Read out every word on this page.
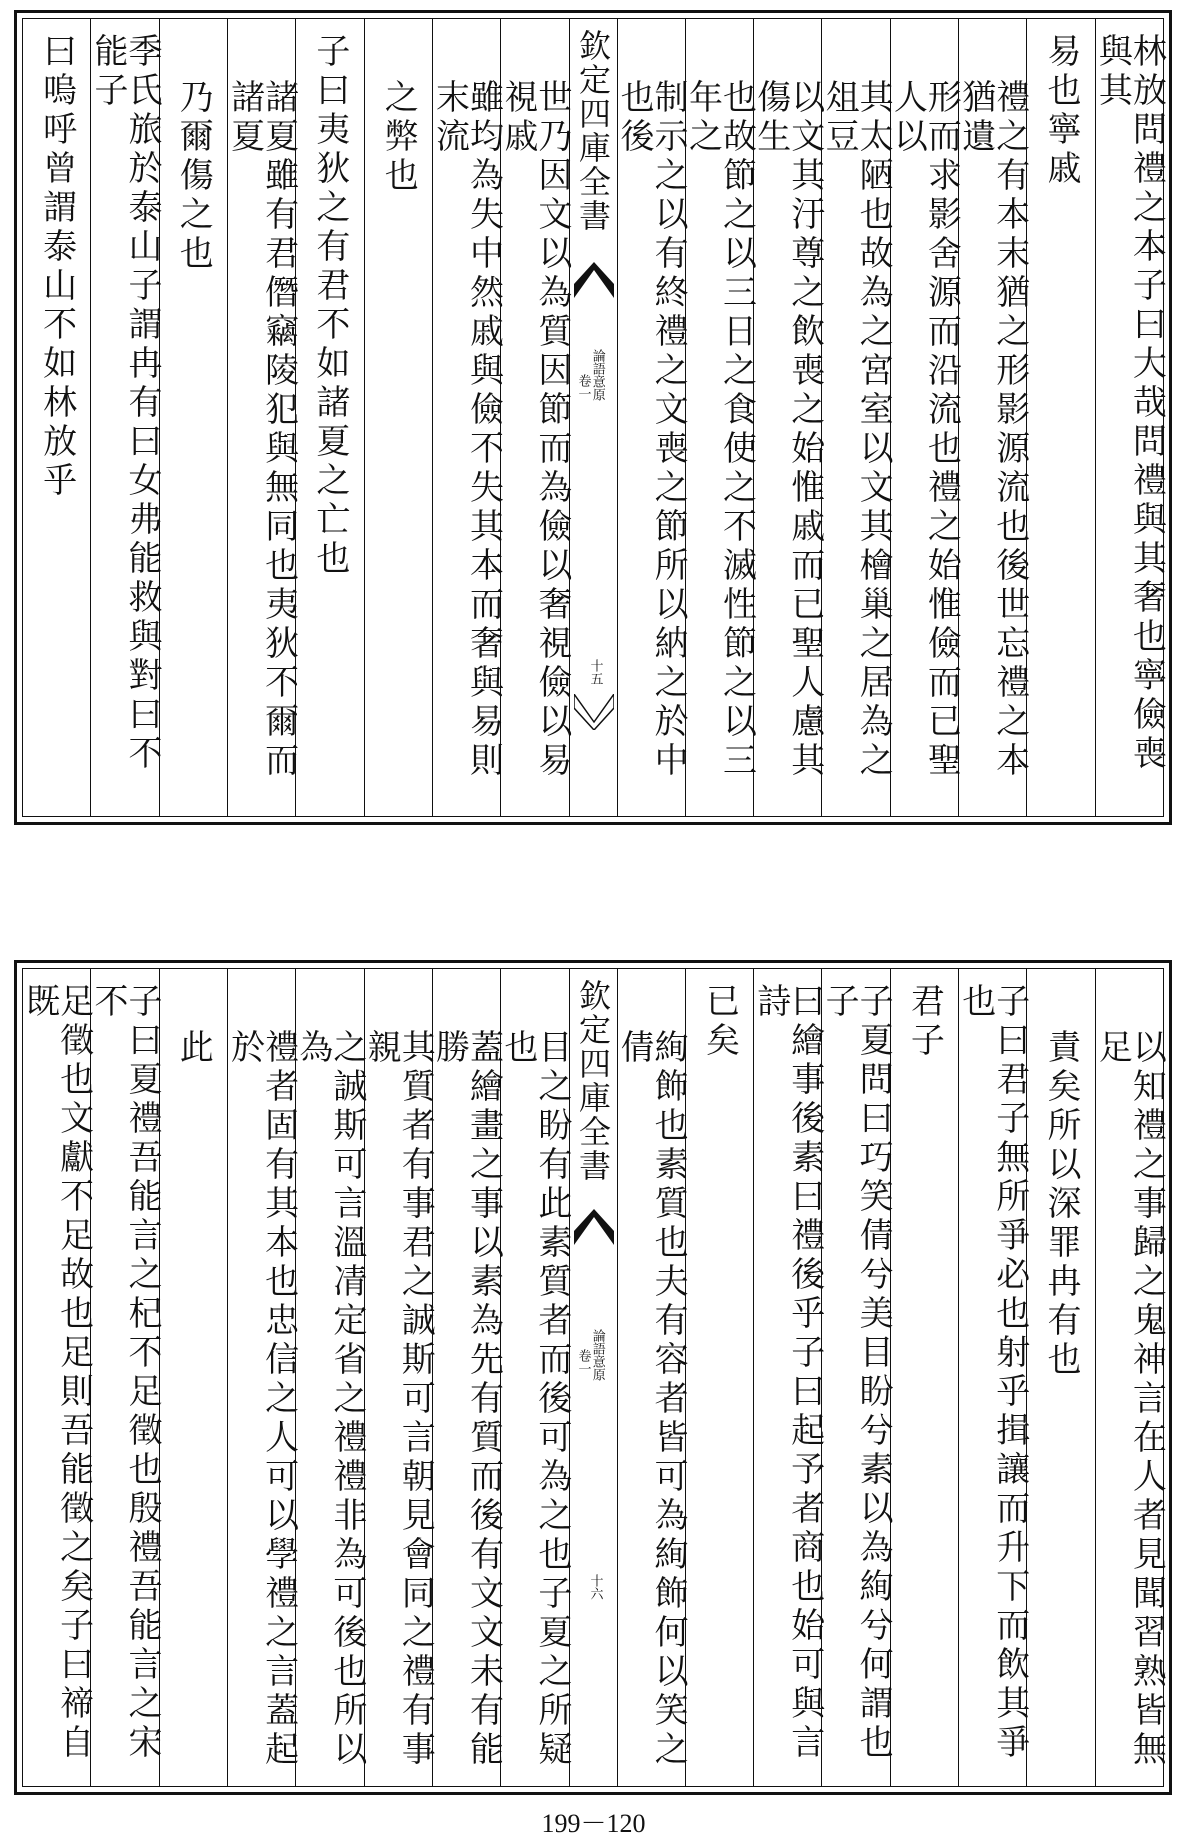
林放問禮之本子曰大哉問禮與其奢也寧儉喪與其
易也寧戚
禮之有本末猶之形影源流也後世忘禮之本猶遺
形而求影舍源而沿流也禮之始惟儉而已聖人以
其太陋也故為之宮室以文其檜巢之居為之俎豆
以文其汙尊之飲喪之始惟戚而已聖人慮其傷生
也故節之以三日之食使之不滅性節之以三年之
制示之以有終禮之文喪之節所以納之於中也後
欽定四庫全書
論語意原
卷一
十五
世乃因文以為質因節而為儉以奢視儉以易視戚
雖均為失中然戚與儉不失其本而奢與易則末流
之弊也
子曰夷狄之有君不如諸夏之亡也
諸夏雖有君僭竊陵犯與無同也夷狄不爾而諸夏
乃爾傷之也
季氏旅於泰山子謂冉有曰女弗能救與對曰不能子
曰嗚呼曾謂泰山不如林放乎
以知禮之事歸之鬼神言在人者見聞習熟皆無足
責矣所以深罪冉有也
子曰君子無所爭必也射乎揖讓而升下而飲其爭也
君子
子夏問曰巧笑倩兮美目盼兮素以為絢兮何謂也子
曰繪事後素曰禮後乎子曰起予者商也始可與言詩
已矣
絢飾也素質也夫有容者皆可為絢飾何以笑之倩
欽定四庫全書
論語意原
卷一
十六
目之盼有此素質者而後可為之也子夏之所疑也
蓋繪畫之事以素為先有質而後有文文未有能勝
其質者有事君之誠斯可言朝見會同之禮有事親
之誠斯可言溫凊定省之禮禮非為可後也所以為
禮者固有其本也忠信之人可以學禮之言蓋起於
此
子曰夏禮吾能言之杞不足徵也殷禮吾能言之宋不
足徵也文獻不足故也足則吾能徵之矣子曰禘自既
199－120
